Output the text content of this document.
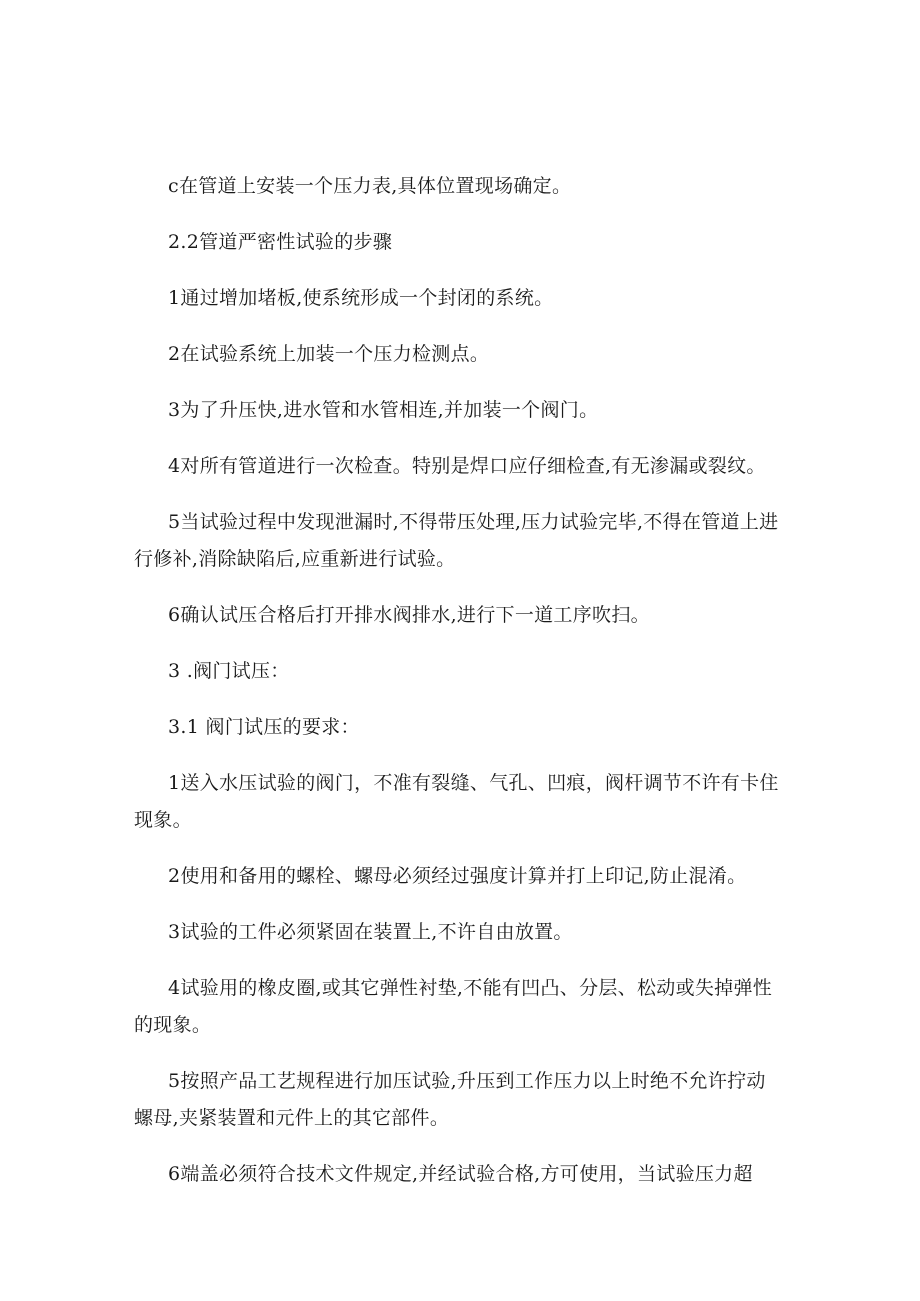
c在管道上安装一个压力表,具体位置现场确定。

2.2管道严密性试验的步骤

1通过增加堵板,使系统形成一个封闭的系统。

2在试验系统上加装一个压力检测点。

3为了升压快,进水管和水管相连,并加装一个阀门。

4对所有管道进行一次检查。特别是焊口应仔细检查,有无渗漏或裂纹。

5当试验过程中发现泄漏时,不得带压处理,压力试验完毕,不得在管道上进行修补,消除缺陷后,应重新进行试验。

6确认试压合格后打开排水阀排水,进行下一道工序吹扫。

3 .阀门试压：

3.1 阀门试压的要求：

1送入水压试验的阀门，不准有裂缝、气孔、凹痕，阀杆调节不许有卡住现象。

2使用和备用的螺栓、螺母必须经过强度计算并打上印记,防止混淆。

3试验的工件必须紧固在装置上,不许自由放置。

4试验用的橡皮圈,或其它弹性衬垫,不能有凹凸、分层、松动或失掉弹性的现象。

5按照产品工艺规程进行加压试验,升压到工作压力以上时绝不允许拧动螺母,夹紧装置和元件上的其它部件。

6端盖必须符合技术文件规定,并经试验合格,方可使用，当试验压力超
